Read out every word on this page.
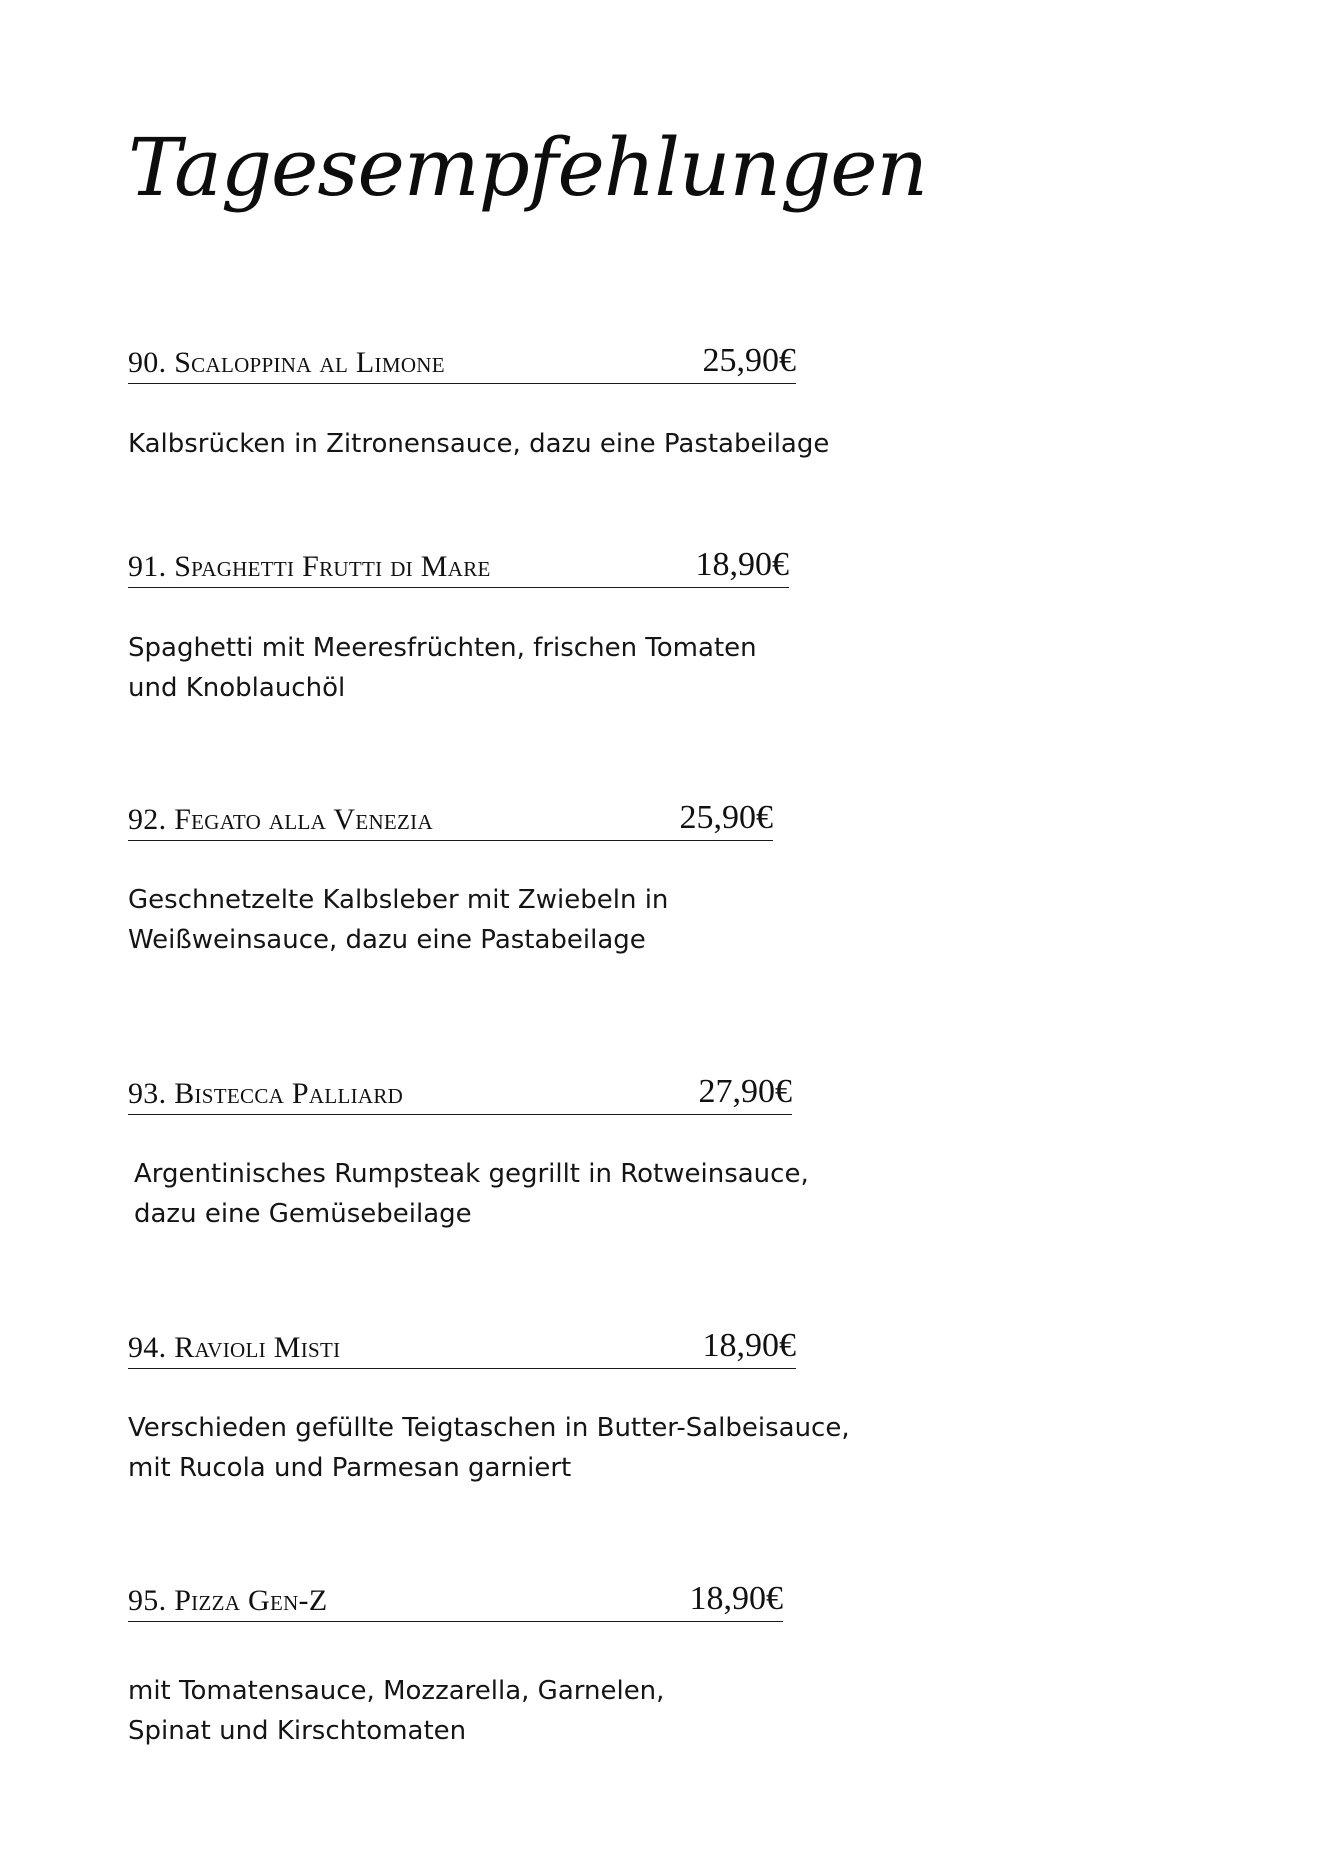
Tagesempfehlungen
90. Scaloppina al Limone	25,90€
Kalbsrücken in Zitronensauce, dazu eine Pastabeilage
91. Spaghetti Frutti di Mare	18,90€
Spaghetti mit Meeresfrüchten, frischen Tomaten
und Knoblauchöl
92. Fegato alla Venezia	25,90€
Geschnetzelte Kalbsleber mit Zwiebeln in
Weißweinsauce, dazu eine Pastabeilage
93. Bistecca Palliard	27,90€
Argentinisches Rumpsteak gegrillt in Rotweinsauce,
dazu eine Gemüsebeilage
94. Ravioli Misti	18,90€
Verschieden gefüllte Teigtaschen in Butter-Salbeisauce,
mit Rucola und Parmesan garniert
95. Pizza Gen-Z	18,90€
mit Tomatensauce, Mozzarella, Garnelen,
Spinat und Kirschtomaten
